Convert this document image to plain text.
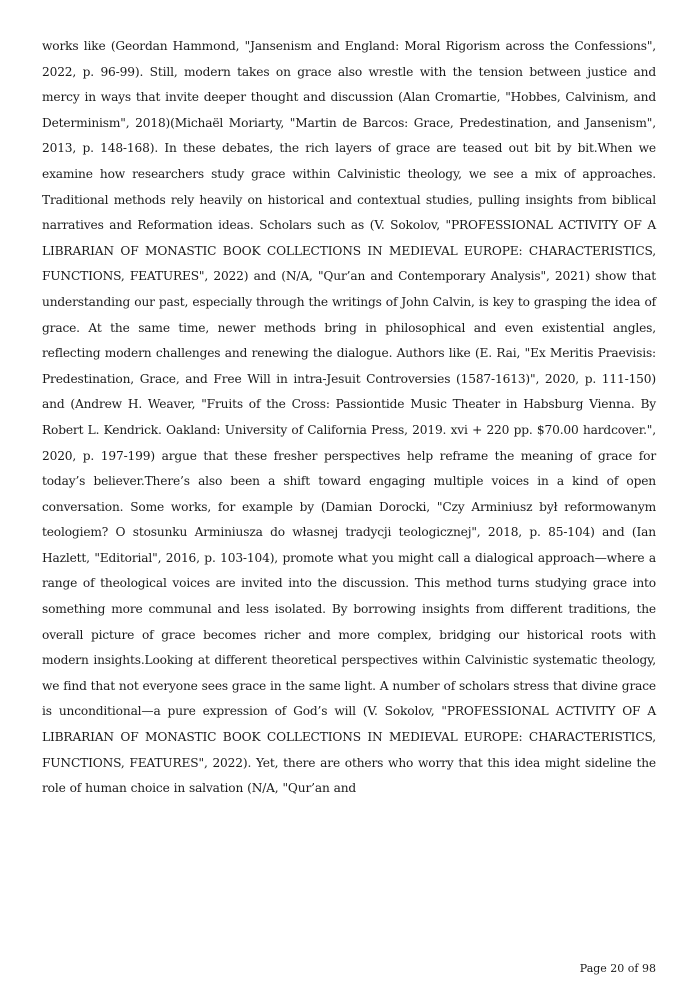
works like (Geordan Hammond, "Jansenism and England: Moral Rigorism across the Confessions", 2022, p. 96-99). Still, modern takes on grace also wrestle with the tension between justice and mercy in ways that invite deeper thought and discussion (Alan Cromartie, "Hobbes, Calvinism, and Determinism", 2018)(Michaël Moriarty, "Martin de Barcos: Grace, Predestination, and Jansenism", 2013, p. 148-168). In these debates, the rich layers of grace are teased out bit by bit.When we examine how researchers study grace within Calvinistic theology, we see a mix of approaches. Traditional methods rely heavily on historical and contextual studies, pulling insights from biblical narratives and Reformation ideas. Scholars such as (V. Sokolov, "PROFESSIONAL ACTIVITY OF A LIBRARIAN OF MONASTIC BOOK COLLECTIONS IN MEDIEVAL EUROPE: CHARACTERISTICS, FUNCTIONS, FEATURES", 2022) and (N/A, "Qur’an and Contemporary Analysis", 2021) show that understanding our past, especially through the writings of John Calvin, is key to grasping the idea of grace. At the same time, newer methods bring in philosophical and even existential angles, reflecting modern challenges and renewing the dialogue. Authors like (E. Rai, "Ex Meritis Praevisis: Predestination, Grace, and Free Will in intra-Jesuit Controversies (1587-1613)", 2020, p. 111-150) and (Andrew H. Weaver, "Fruits of the Cross: Passiontide Music Theater in Habsburg Vienna. By Robert L. Kendrick. Oakland: University of California Press, 2019. xvi + 220 pp. $70.00 hardcover.", 2020, p. 197-199) argue that these fresher perspectives help reframe the meaning of grace for today’s believer.There’s also been a shift toward engaging multiple voices in a kind of open conversation. Some works, for example by (Damian Dorocki, "Czy Arminiusz był reformowanym teologiem? O stosunku Arminiusza do własnej tradycji teologicznej", 2018, p. 85-104) and (Ian Hazlett, "Editorial", 2016, p. 103-104), promote what you might call a dialogical approach—where a range of theological voices are invited into the discussion. This method turns studying grace into something more communal and less isolated. By borrowing insights from different traditions, the overall picture of grace becomes richer and more complex, bridging our historical roots with modern insights.Looking at different theoretical perspectives within Calvinistic systematic theology, we find that not everyone sees grace in the same light. A number of scholars stress that divine grace is unconditional—a pure expression of God’s will (V. Sokolov, "PROFESSIONAL ACTIVITY OF A LIBRARIAN OF MONASTIC BOOK COLLECTIONS IN MEDIEVAL EUROPE: CHARACTERISTICS, FUNCTIONS, FEATURES", 2022). Yet, there are others who worry that this idea might sideline the role of human choice in salvation (N/A, "Qur’an and

Page 20 of 98
